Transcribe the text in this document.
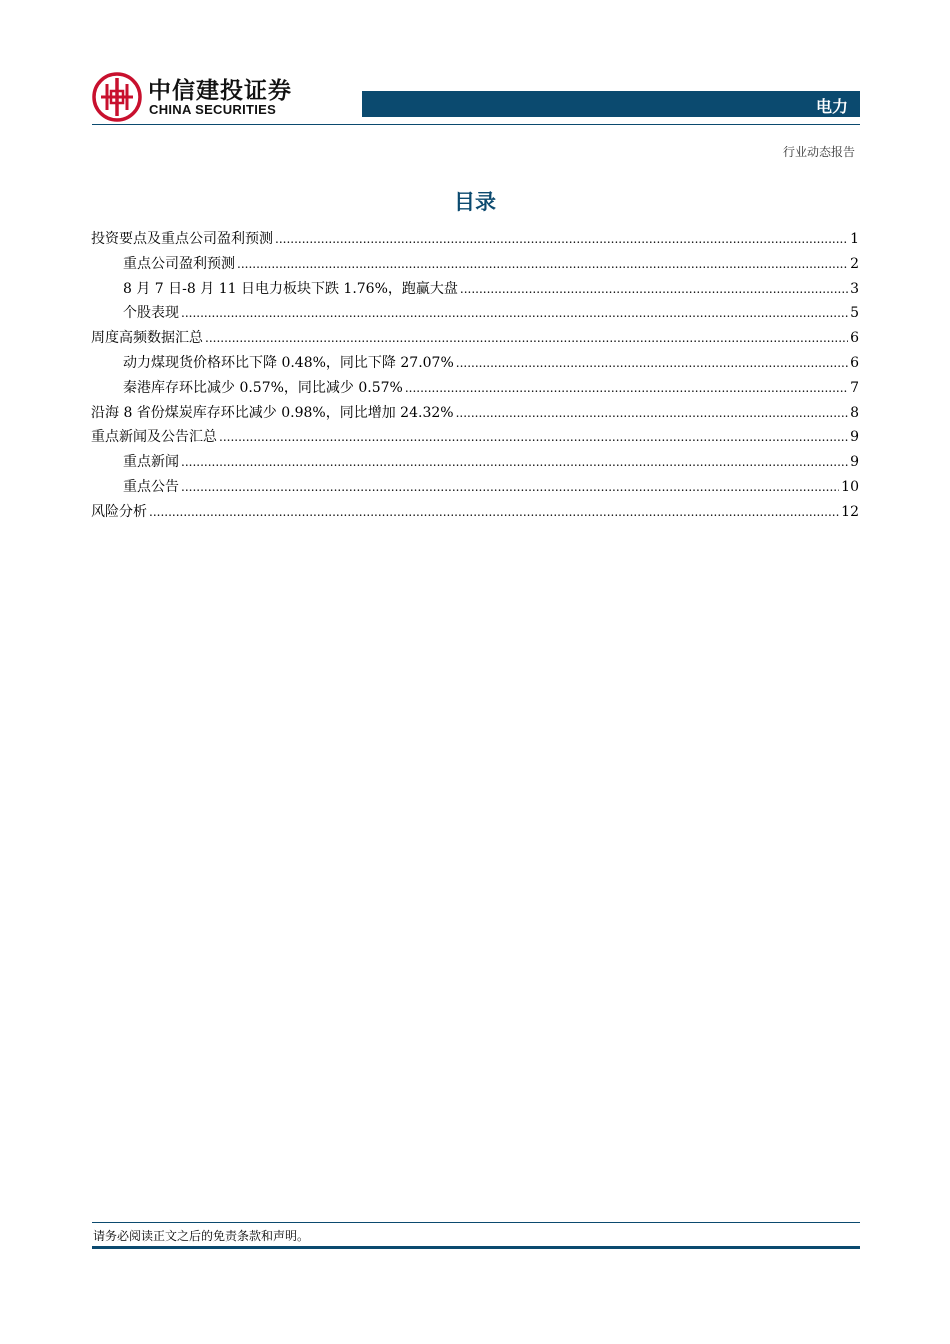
中信建投证券
CHINA SECURITIES	电力
行业动态报告
目录
投资要点及重点公司盈利预测 .....	1
重点公司盈利预测 .....	2
8 月 7 日-8 月 11 日电力板块下跌 1.76%，跑赢大盘 .....	3
个股表现 .....	5
周度高频数据汇总 .....	6
动力煤现货价格环比下降 0.48%，同比下降 27.07% .....	6
秦港库存环比减少 0.57%，同比减少 0.57% .....	7
沿海 8 省份煤炭库存环比减少 0.98%，同比增加 24.32% .....	8
重点新闻及公告汇总 .....	9
重点新闻 .....	9
重点公告 .....	10
风险分析 .....	12
请务必阅读正文之后的免责条款和声明。
